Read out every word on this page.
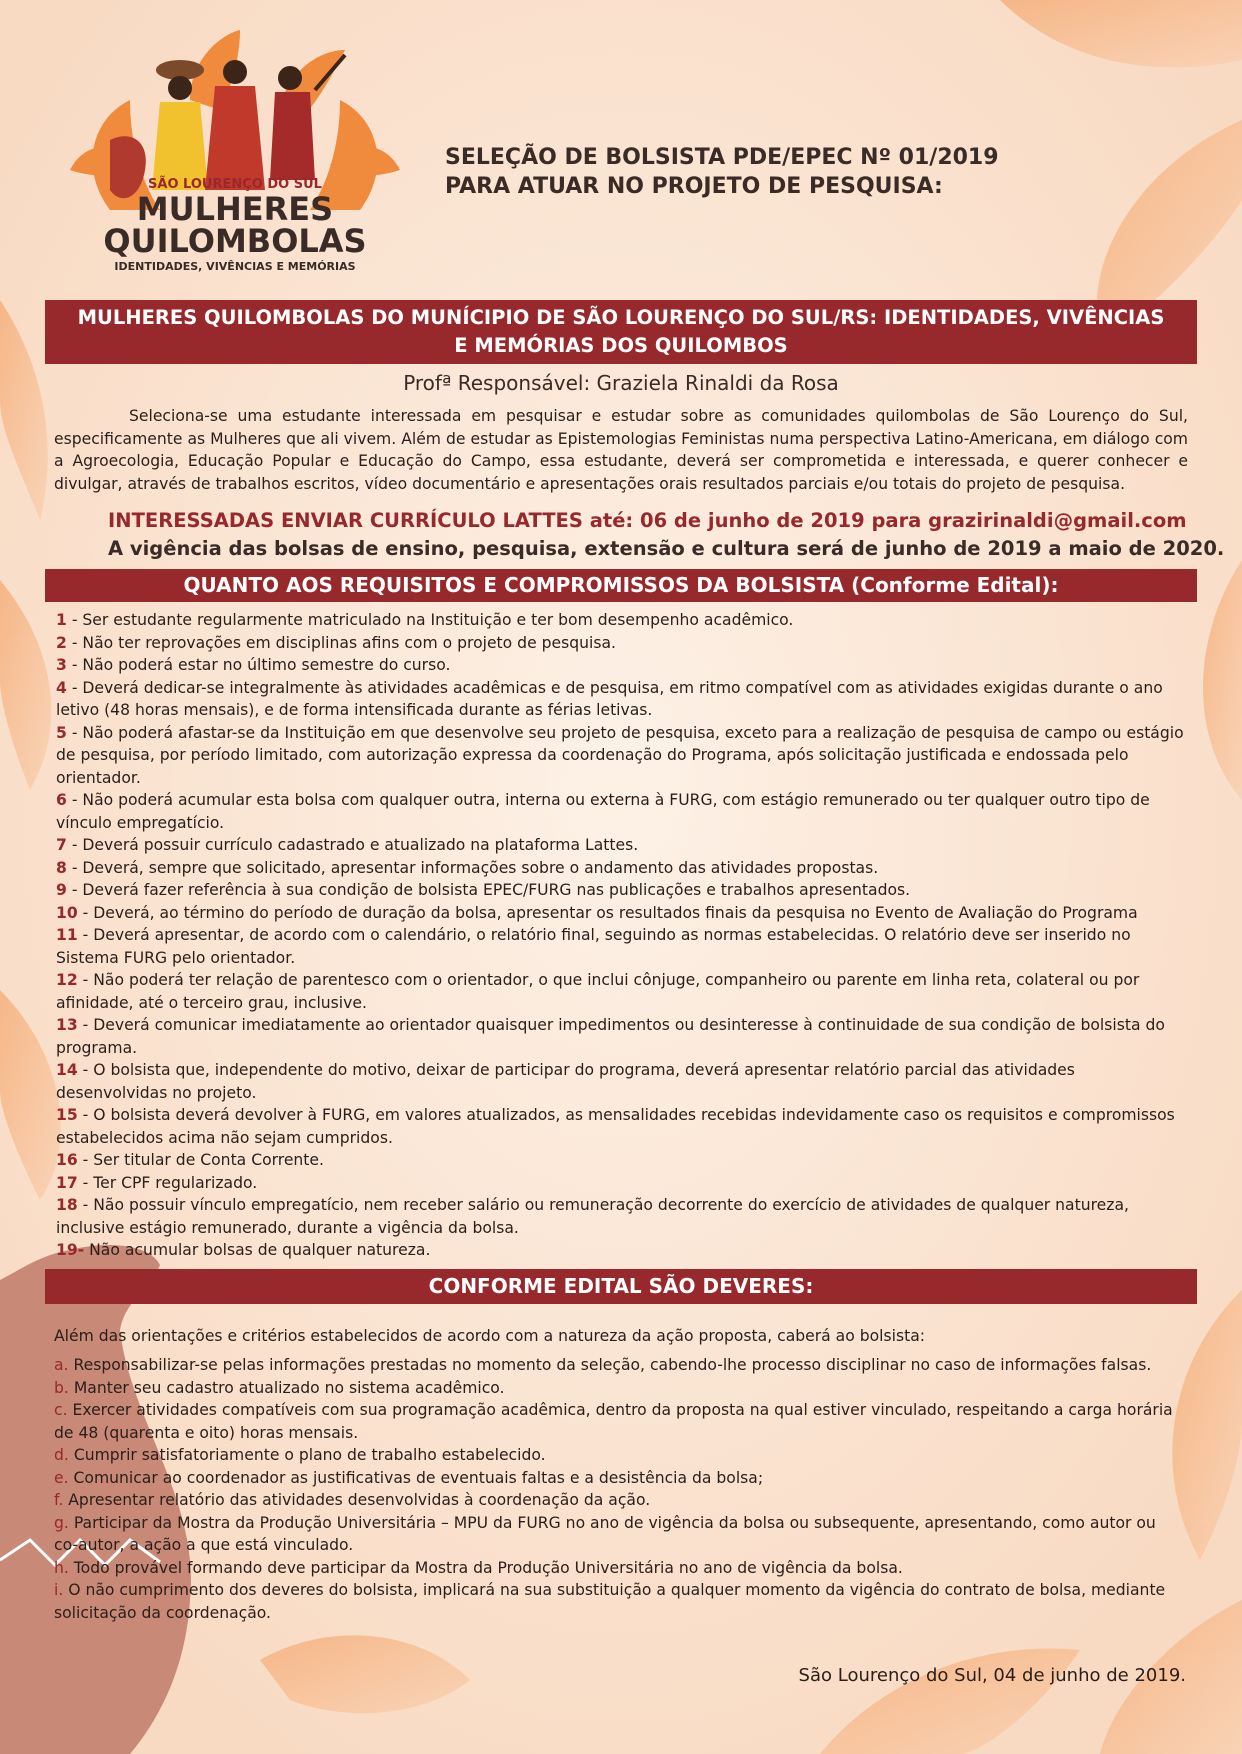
SÃO LOURENÇO DO SUL
MULHERES
QUILOMBOLAS
IDENTIDADES, VIVÊNCIAS E MEMÓRIAS
SELEÇÃO DE BOLSISTA PDE/EPEC Nº 01/2019
PARA ATUAR NO PROJETO DE PESQUISA:
MULHERES QUILOMBOLAS DO MUNÍCIPIO DE SÃO LOURENÇO DO SUL/RS: IDENTIDADES, VIVÊNCIAS
E MEMÓRIAS DOS QUILOMBOS
Profª Responsável: Graziela Rinaldi da Rosa
Seleciona-se uma estudante interessada em pesquisar e estudar sobre as comunidades quilombolas de São Lourenço do Sul, especificamente as Mulheres que ali vivem. Além de estudar as Epistemologias Feministas numa perspectiva Latino-Americana, em diálogo com a Agroecologia, Educação Popular e Educação do Campo, essa estudante, deverá ser comprometida e interessada, e querer conhecer e divulgar, através de trabalhos escritos, vídeo documentário e apresentações orais resultados parciais e/ou totais do projeto de pesquisa.
INTERESSADAS ENVIAR CURRÍCULO LATTES até: 06 de junho de 2019 para grazirinaldi@gmail.com
A vigência das bolsas de ensino, pesquisa, extensão e cultura será de junho de 2019 a maio de 2020.
QUANTO AOS REQUISITOS E COMPROMISSOS DA BOLSISTA (Conforme Edital):
1 - Ser estudante regularmente matriculado na Instituição e ter bom desempenho acadêmico.
2 - Não ter reprovações em disciplinas afins com o projeto de pesquisa.
3 - Não poderá estar no último semestre do curso.
4 - Deverá dedicar-se integralmente às atividades acadêmicas e de pesquisa, em ritmo compatível com as atividades exigidas durante o ano letivo (48 horas mensais), e de forma intensificada durante as férias letivas.
5 - Não poderá afastar-se da Instituição em que desenvolve seu projeto de pesquisa, exceto para a realização de pesquisa de campo ou estágio de pesquisa, por período limitado, com autorização expressa da coordenação do Programa, após solicitação justificada e endossada pelo orientador.
6 - Não poderá acumular esta bolsa com qualquer outra, interna ou externa à FURG, com estágio remunerado ou ter qualquer outro tipo de vínculo empregatício.
7 - Deverá possuir currículo cadastrado e atualizado na plataforma Lattes.
8 - Deverá, sempre que solicitado, apresentar informações sobre o andamento das atividades propostas.
9 - Deverá fazer referência à sua condição de bolsista EPEC/FURG nas publicações e trabalhos apresentados.
10 - Deverá, ao término do período de duração da bolsa, apresentar os resultados finais da pesquisa no Evento de Avaliação do Programa
11 - Deverá apresentar, de acordo com o calendário, o relatório final, seguindo as normas estabelecidas. O relatório deve ser inserido no Sistema FURG pelo orientador.
12 - Não poderá ter relação de parentesco com o orientador, o que inclui cônjuge, companheiro ou parente em linha reta, colateral ou por afinidade, até o terceiro grau, inclusive.
13 - Deverá comunicar imediatamente ao orientador quaisquer impedimentos ou desinteresse à continuidade de sua condição de bolsista do programa.
14 - O bolsista que, independente do motivo, deixar de participar do programa, deverá apresentar relatório parcial das atividades desenvolvidas no projeto.
15 - O bolsista deverá devolver à FURG, em valores atualizados, as mensalidades recebidas indevidamente caso os requisitos e compromissos estabelecidos acima não sejam cumpridos.
16 - Ser titular de Conta Corrente.
17 - Ter CPF regularizado.
18 - Não possuir vínculo empregatício, nem receber salário ou remuneração decorrente do exercício de atividades de qualquer natureza, inclusive estágio remunerado, durante a vigência da bolsa.
19- Não acumular bolsas de qualquer natureza.
CONFORME EDITAL SÃO DEVERES:
Além das orientações e critérios estabelecidos de acordo com a natureza da ação proposta, caberá ao bolsista:
a. Responsabilizar-se pelas informações prestadas no momento da seleção, cabendo-lhe processo disciplinar no caso de informações falsas.
b. Manter seu cadastro atualizado no sistema acadêmico.
c. Exercer atividades compatíveis com sua programação acadêmica, dentro da proposta na qual estiver vinculado, respeitando a carga horária de 48 (quarenta e oito) horas mensais.
d. Cumprir satisfatoriamente o plano de trabalho estabelecido.
e. Comunicar ao coordenador as justificativas de eventuais faltas e a desistência da bolsa;
f. Apresentar relatório das atividades desenvolvidas à coordenação da ação.
g. Participar da Mostra da Produção Universitária – MPU da FURG no ano de vigência da bolsa ou subsequente, apresentando, como autor ou co-autor, a ação a que está vinculado.
h. Todo provável formando deve participar da Mostra da Produção Universitária no ano de vigência da bolsa.
i. O não cumprimento dos deveres do bolsista, implicará na sua substituição a qualquer momento da vigência do contrato de bolsa, mediante solicitação da coordenação.
São Lourenço do Sul, 04 de junho de 2019.
